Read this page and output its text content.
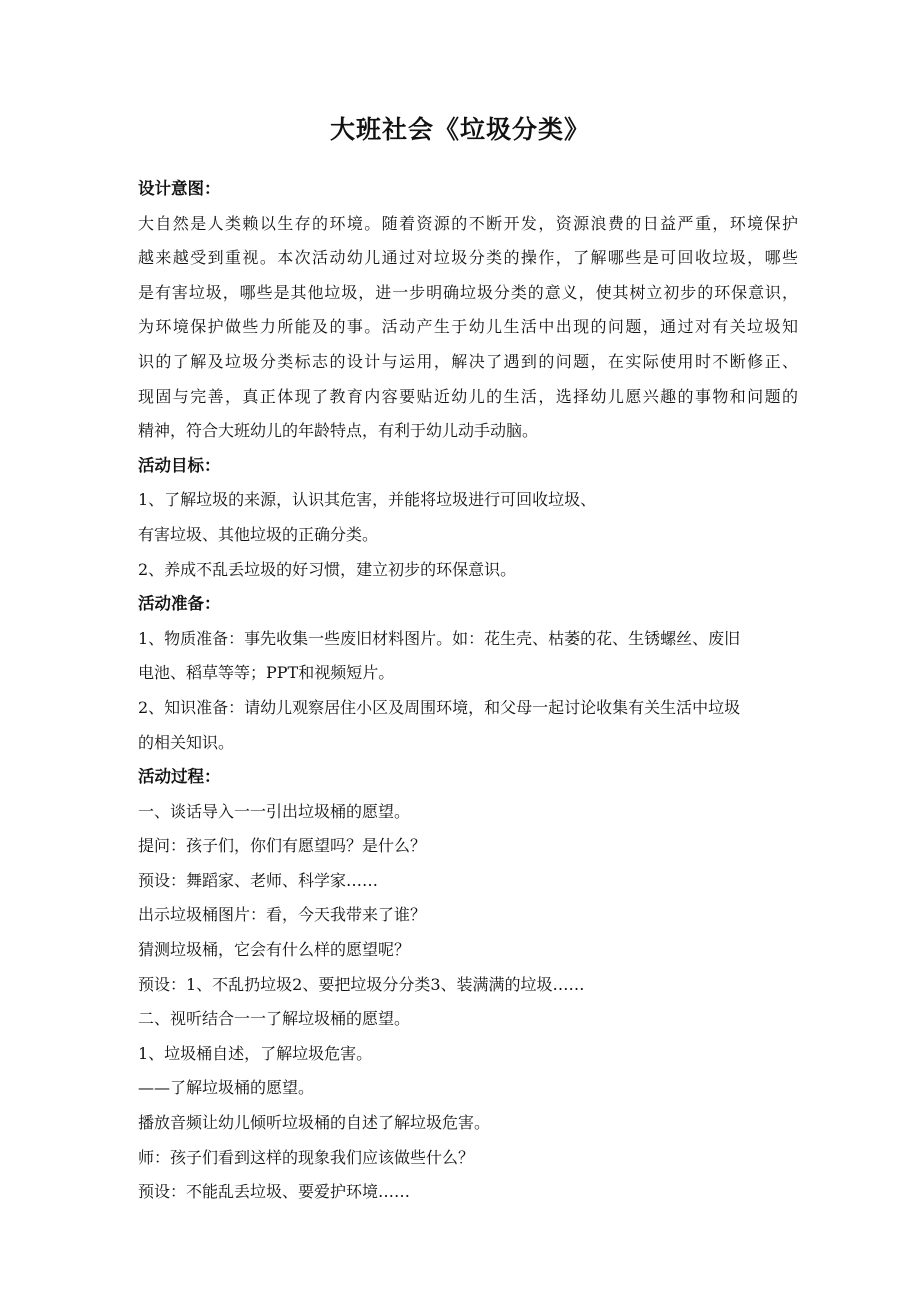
大班社会《垃圾分类》
设计意图：
大自然是人类赖以生存的环境。随着资源的不断开发，资源浪费的日益严重，环境保护
越来越受到重视。本次活动幼儿通过对垃圾分类的操作，了解哪些是可回收垃圾，哪些
是有害垃圾，哪些是其他垃圾，进一步明确垃圾分类的意义，使其树立初步的环保意识，
为环境保护做些力所能及的事。活动产生于幼儿生活中出现的问题，通过对有关垃圾知
识的了解及垃圾分类标志的设计与运用，解决了遇到的问题，在实际使用时不断修正、
现固与完善，真正体现了教育内容要贴近幼儿的生活，选择幼儿愿兴趣的事物和问题的
精神，符合大班幼儿的年龄特点，有利于幼儿动手动脑。
活动目标：
1、了解垃圾的来源，认识其危害，并能将垃圾进行可回收垃圾、
有害垃圾、其他垃圾的正确分类。
2、养成不乱丢垃圾的好习惯，建立初步的环保意识。
活动准备：
1、物质准备：事先收集一些废旧材料图片。如：花生壳、枯萎的花、生锈螺丝、废旧
电池、稻草等等；PPT和视频短片。
2、知识准备：请幼儿观察居住小区及周围环境，和父母一起讨论收集有关生活中垃圾
的相关知识。
活动过程：
一、谈话导入一一引出垃圾桶的愿望。
提问：孩子们，你们有愿望吗？是什么？
预设：舞蹈家、老师、科学家……
出示垃圾桶图片：看，今天我带来了谁？
猜测垃圾桶，它会有什么样的愿望呢？
预设：1、不乱扔垃圾2、要把垃圾分分类3、装满满的垃圾……
二、视听结合一一了解垃圾桶的愿望。
1、垃圾桶自述，了解垃圾危害。
——了解垃圾桶的愿望。
播放音频让幼儿倾听垃圾桶的自述了解垃圾危害。
师：孩子们看到这样的现象我们应该做些什么？
预设：不能乱丢垃圾、要爱护环境……
